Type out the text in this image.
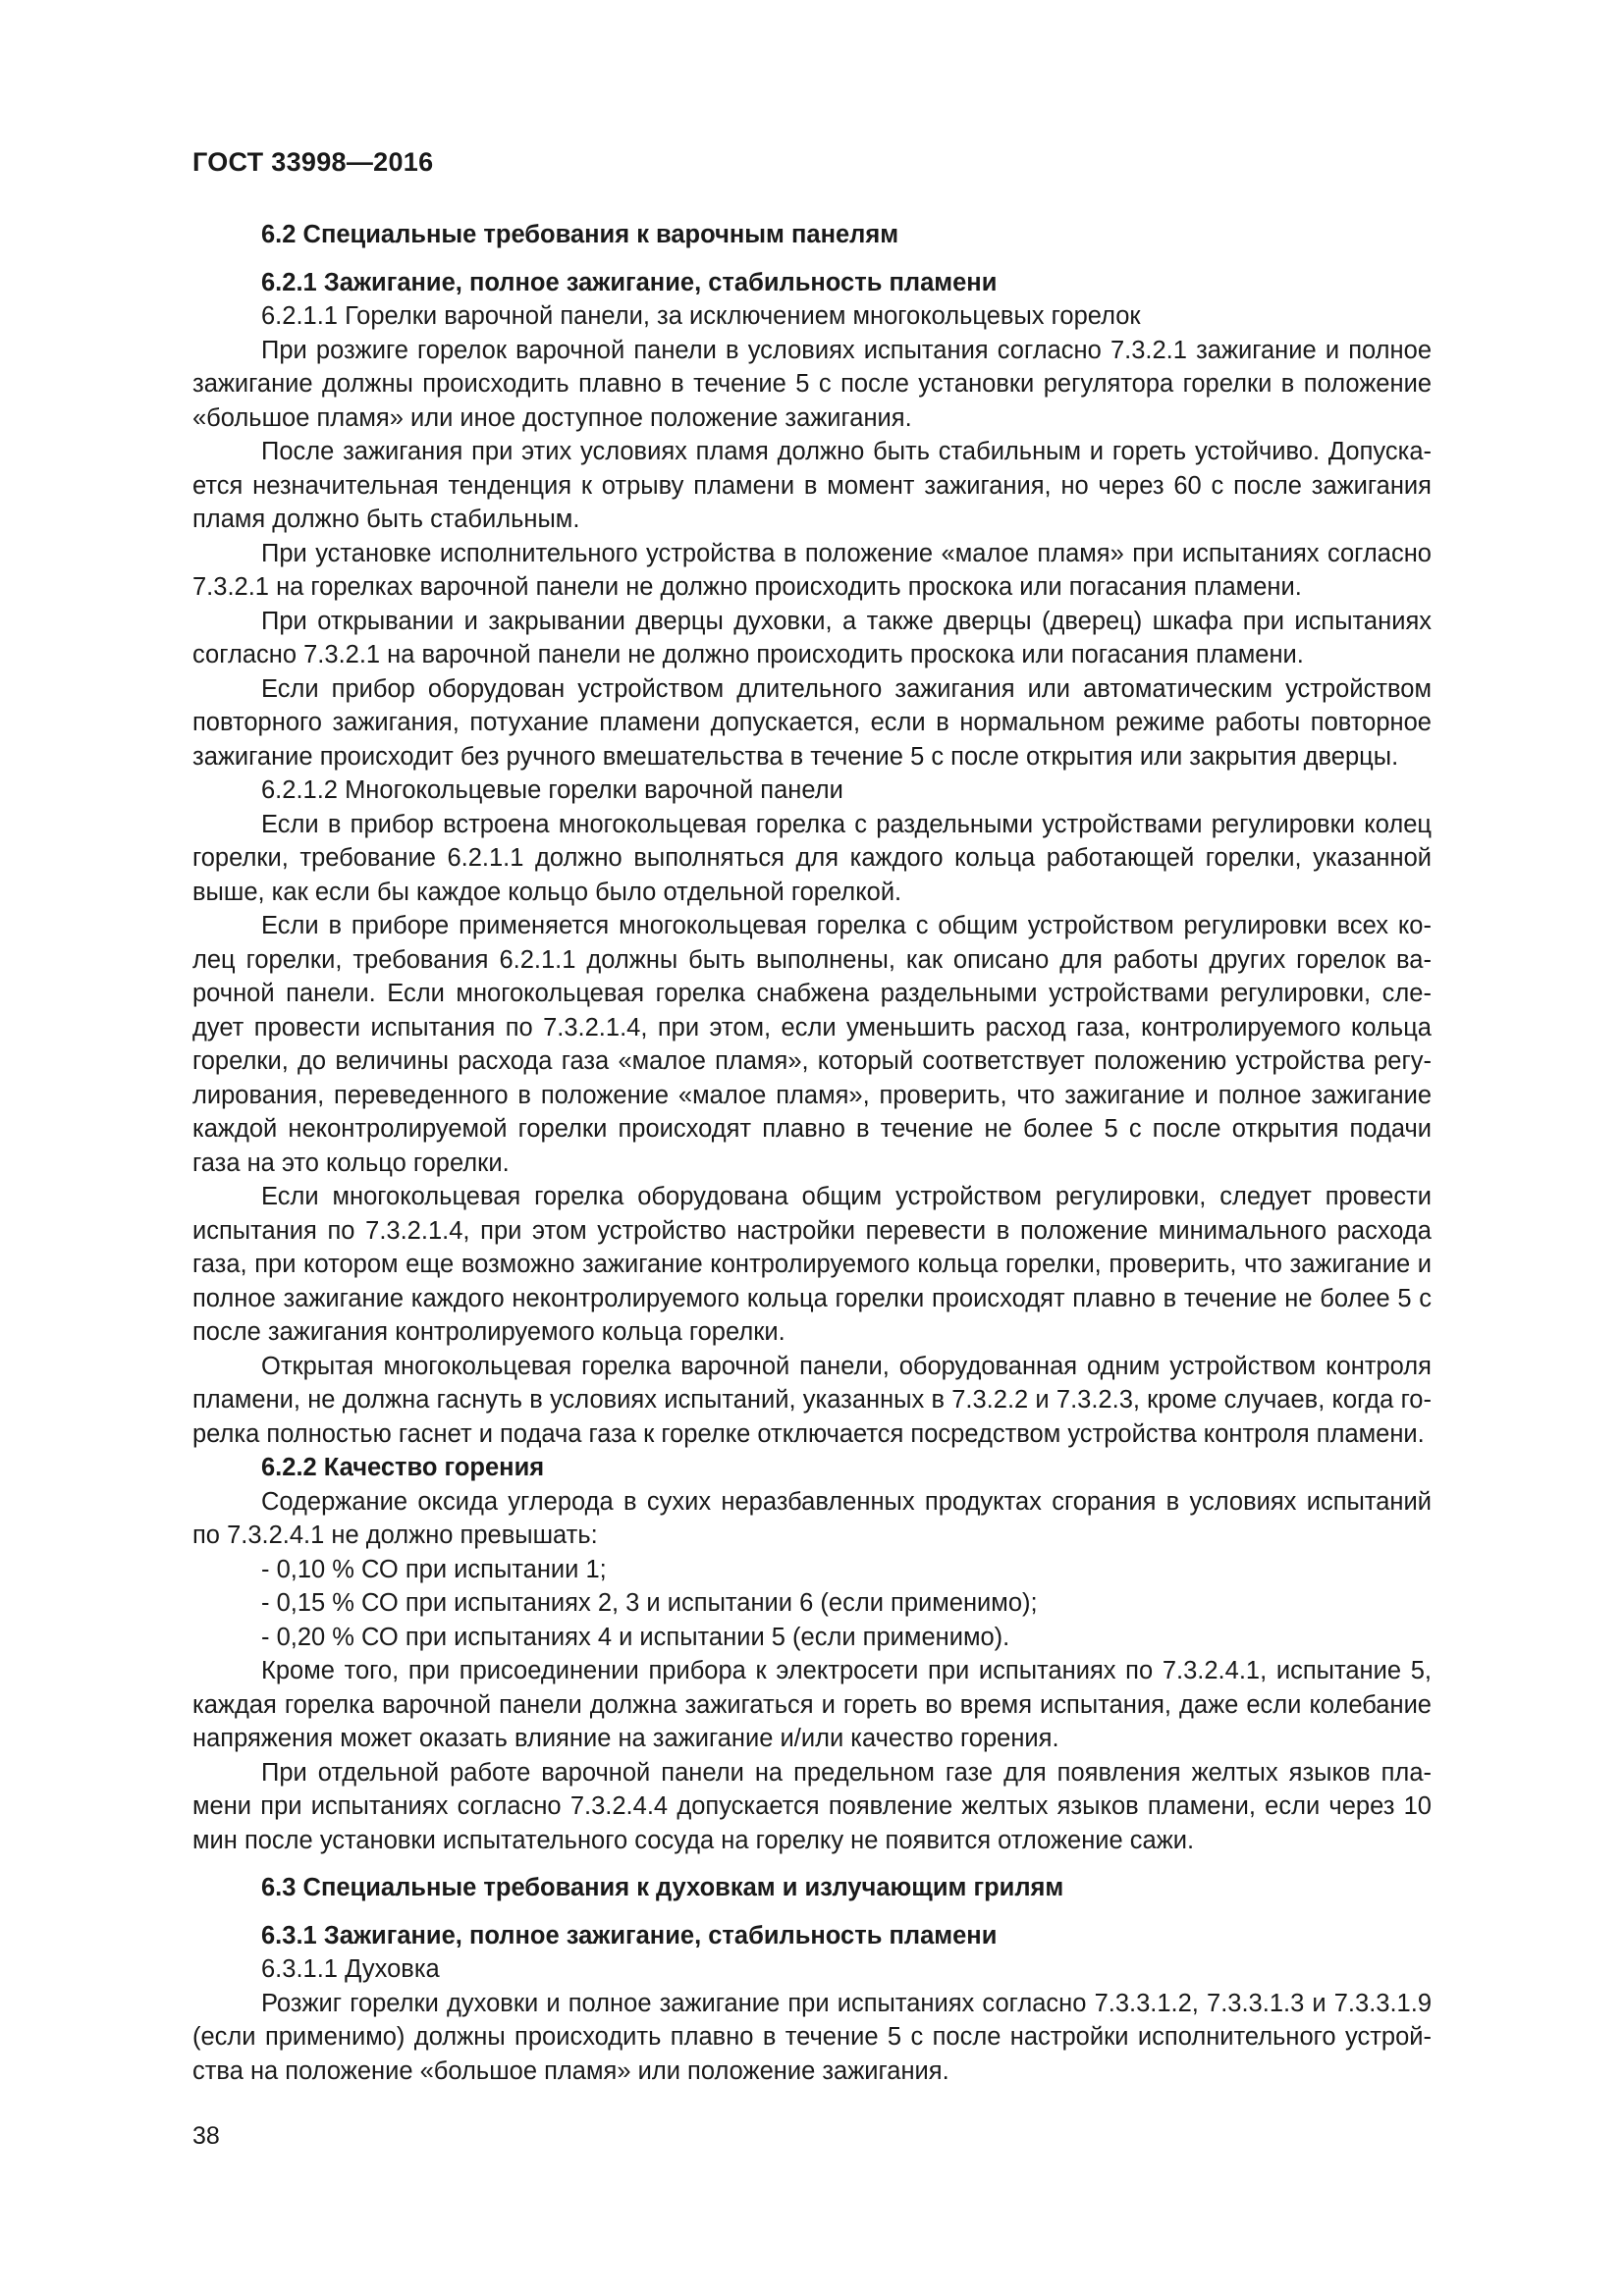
ГОСТ 33998—2016

6.2 Специальные требования к варочным панелям

6.2.1 Зажигание, полное зажигание, стабильность пламени

6.2.1.1 Горелки варочной панели, за исключением многокольцевых горелок

При розжиге горелок варочной панели в условиях испытания согласно 7.3.2.1 зажигание и полное зажигание должны происходить плавно в течение 5 с после установки регулятора горелки в положение «большое пламя» или иное доступное положение зажигания.

После зажигания при этих условиях пламя должно быть стабильным и гореть устойчиво. Допускается незначительная тенденция к отрыву пламени в момент зажигания, но через 60 с после зажигания пламя должно быть стабильным.

При установке исполнительного устройства в положение «малое пламя» при испытаниях согласно 7.3.2.1 на горелках варочной панели не должно происходить проскока или погасания пламени.

При открывании и закрывании дверцы духовки, а также дверцы (дверец) шкафа при испытаниях согласно 7.3.2.1 на варочной панели не должно происходить проскока или погасания пламени.

Если прибор оборудован устройством длительного зажигания или автоматическим устройством повторного зажигания, потухание пламени допускается, если в нормальном режиме работы повторное зажигание происходит без ручного вмешательства в течение 5 с после открытия или закрытия дверцы.

6.2.1.2 Многокольцевые горелки варочной панели

Если в прибор встроена многокольцевая горелка с раздельными устройствами регулировки колец горелки, требование 6.2.1.1 должно выполняться для каждого кольца работающей горелки, указанной выше, как если бы каждое кольцо было отдельной горелкой.

Если в приборе применяется многокольцевая горелка с общим устройством регулировки всех колец горелки, требования 6.2.1.1 должны быть выполнены, как описано для работы других горелок варочной панели. Если многокольцевая горелка снабжена раздельными устройствами регулировки, следует провести испытания по 7.3.2.1.4, при этом, если уменьшить расход газа, контролируемого кольца горелки, до величины расхода газа «малое пламя», который соответствует положению устройства регулирования, переведенного в положение «малое пламя», проверить, что зажигание и полное зажигание каждой неконтролируемой горелки происходят плавно в течение не более 5 с после открытия подачи газа на это кольцо горелки.

Если многокольцевая горелка оборудована общим устройством регулировки, следует провести испытания по 7.3.2.1.4, при этом устройство настройки перевести в положение минимального расхода газа, при котором еще возможно зажигание контролируемого кольца горелки, проверить, что зажигание и полное зажигание каждого неконтролируемого кольца горелки происходят плавно в течение не более 5 с после зажигания контролируемого кольца горелки.

Открытая многокольцевая горелка варочной панели, оборудованная одним устройством контроля пламени, не должна гаснуть в условиях испытаний, указанных в 7.3.2.2 и 7.3.2.3, кроме случаев, когда горелка полностью гаснет и подача газа к горелке отключается посредством устройства контроля пламени.

6.2.2 Качество горения

Содержание оксида углерода в сухих неразбавленных продуктах сгорания в условиях испытаний по 7.3.2.4.1 не должно превышать:

- 0,10 % СО при испытании 1;

- 0,15 % СО при испытаниях 2, 3 и испытании 6 (если применимо);

- 0,20 % СО при испытаниях 4 и испытании 5 (если применимо).

Кроме того, при присоединении прибора к электросети при испытаниях по 7.3.2.4.1, испытание 5, каждая горелка варочной панели должна зажигаться и гореть во время испытания, даже если колебание напряжения может оказать влияние на зажигание и/или качество горения.

При отдельной работе варочной панели на предельном газе для появления желтых языков пламени при испытаниях согласно 7.3.2.4.4 допускается появление желтых языков пламени, если через 10 мин после установки испытательного сосуда на горелку не появится отложение сажи.

6.3 Специальные требования к духовкам и излучающим грилям

6.3.1 Зажигание, полное зажигание, стабильность пламени

6.3.1.1 Духовка

Розжиг горелки духовки и полное зажигание при испытаниях согласно 7.3.3.1.2, 7.3.3.1.3 и 7.3.3.1.9 (если применимо) должны происходить плавно в течение 5 с после настройки исполнительного устройства на положение «большое пламя» или положение зажигания.

38
